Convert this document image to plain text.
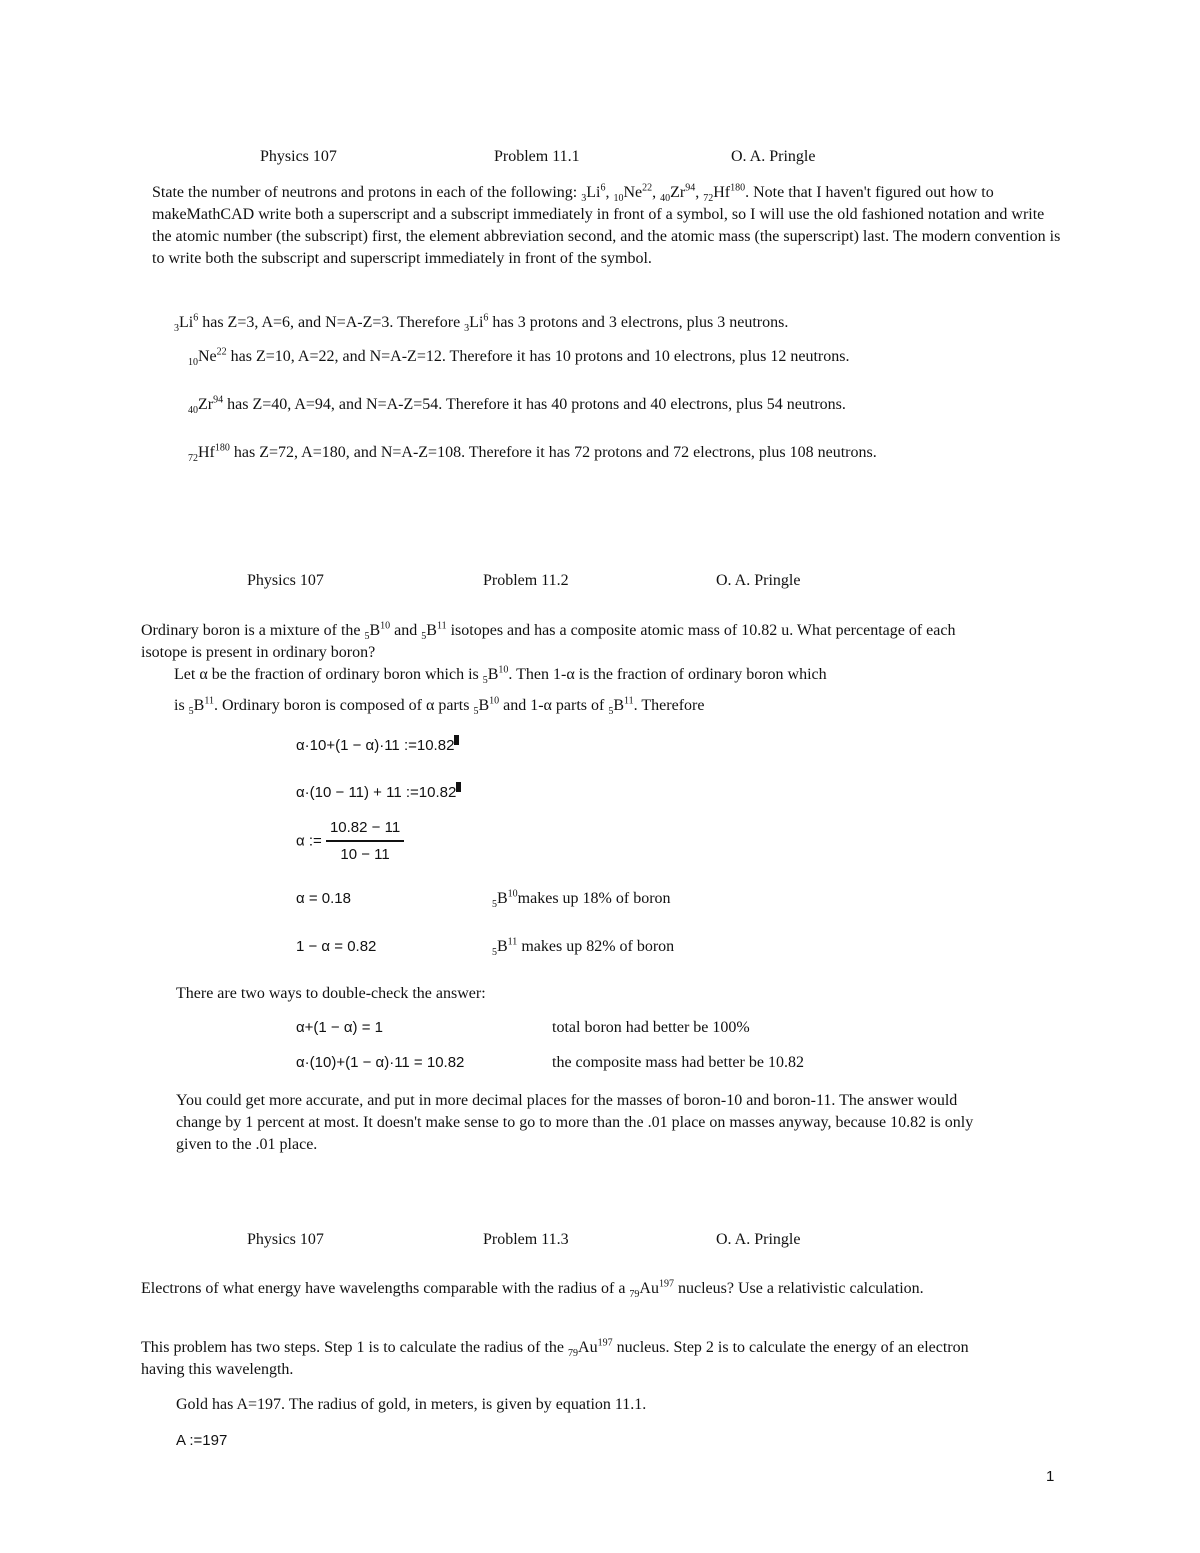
Physics 107	Problem 11.1	O. A. Pringle
State the number of neutrons and protons in each of the following: $_3Li^6$, $_{10}Ne^{22}$, $_{40}Zr^{94}$, $_{72}Hf^{180}$. Note that I haven't figured out how to makeMathCAD write both a superscript and a subscript immediately in front of a symbol, so I will use the old fashioned notation and write the atomic number (the subscript) first, the element abbreviation second, and the atomic mass (the superscript) last. The modern convention is to write both the subscript and superscript immediately in front of the symbol.
$_3Li^6$ has Z=3, A=6, and N=A-Z=3. Therefore $_3Li^6$ has 3 protons and 3 electrons, plus 3 neutrons.
$_{10}Ne^{22}$ has Z=10, A=22, and N=A-Z=12. Therefore it has 10 protons and 10 electrons, plus 12 neutrons.
$_{40}Zr^{94}$ has Z=40, A=94, and N=A-Z=54. Therefore it has 40 protons and 40 electrons, plus 54 neutrons.
$_{72}Hf^{180}$ has Z=72, A=180, and N=A-Z=108. Therefore it has 72 protons and 72 electrons, plus 108 neutrons.
Physics 107	Problem 11.2	O. A. Pringle
Ordinary boron is a mixture of the $_5B^{10}$ and $_5B^{11}$ isotopes and has a composite atomic mass of 10.82 u. What percentage of each isotope is present in ordinary boron?
Let α be the fraction of ordinary boron which is $_5B^{10}$. Then 1-α is the fraction of ordinary boron which
is $_5B^{11}$. Ordinary boron is composed of α parts $_5B^{10}$ and 1-α parts of $_5B^{11}$. Therefore
α·10+(1 − α)·11 :=10.82
α·(10 − 11) + 11 :=10.82
α := $\frac{10.82 - 11}{10 - 11}$
α = 0.18	$_5B^{10}makes$ up 18% of boron
1 − α = 0.82	$_5B^{11}$ makes up 82% of boron
There are two ways to double-check the answer:
α+(1 − α) = 1	total boron had better be 100%
α·(10)+(1 − α)·11 = 10.82	the composite mass had better be 10.82
You could get more accurate, and put in more decimal places for the masses of boron-10 and boron-11. The answer would change by 1 percent at most. It doesn't make sense to go to more than the .01 place on masses anyway, because 10.82 is only given to the .01 place.
Physics 107	Problem 11.3	O. A. Pringle
Electrons of what energy have wavelengths comparable with the radius of a $_{79}Au^{197}$ nucleus? Use a relativistic calculation.
This problem has two steps. Step 1 is to calculate the radius of the $_{79}Au^{197}$ nucleus. Step 2 is to calculate the energy of an electron having this wavelength.
Gold has A=197. The radius of gold, in meters, is given by equation 11.1.
A :=197
1
